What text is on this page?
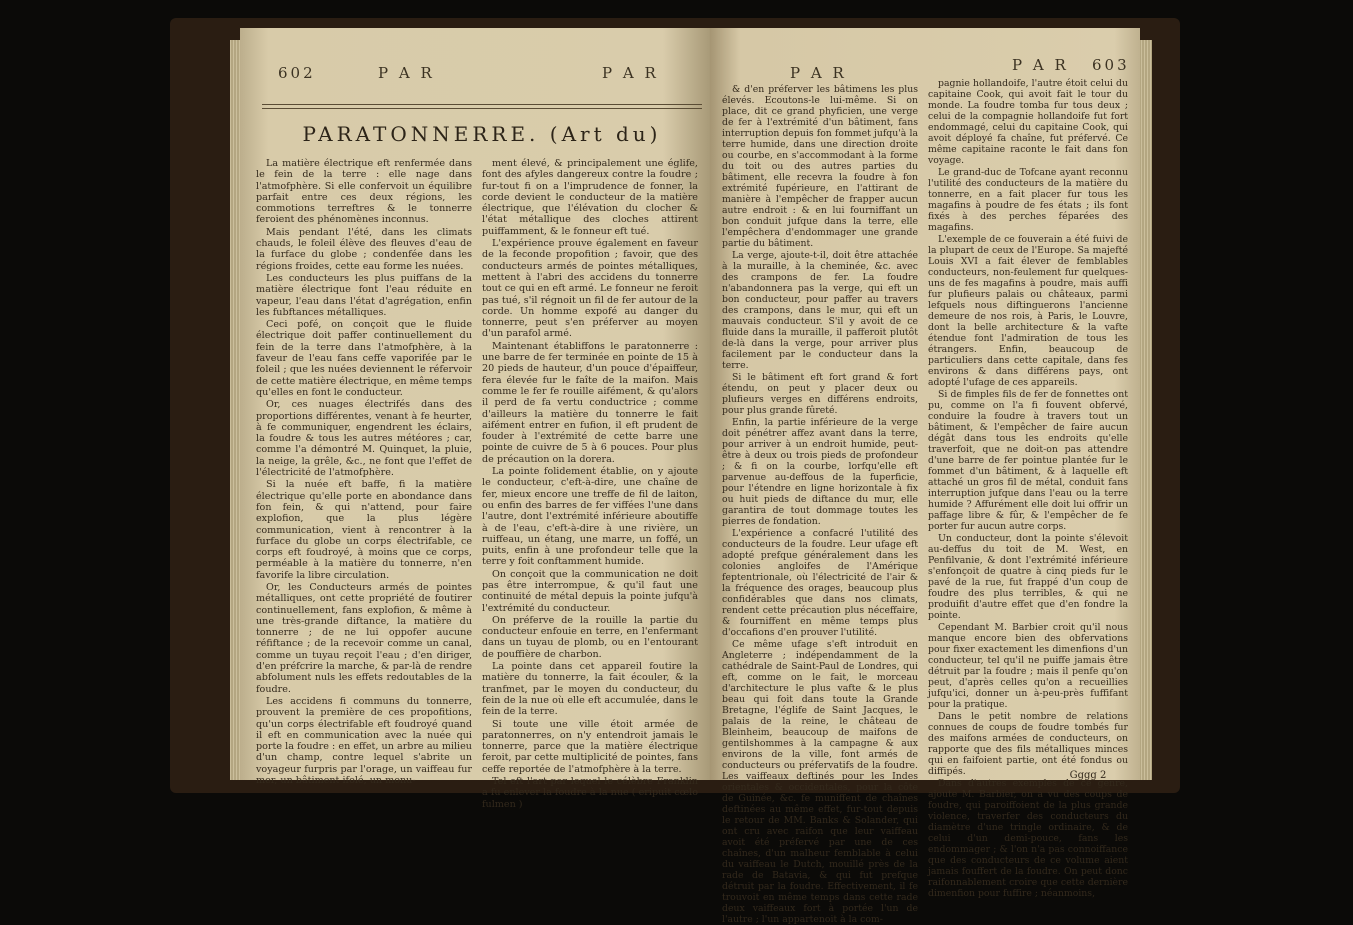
602	P A R	P A R
PARATONNERRE. (Art du)

La matière électrique eft renfermée dans le fein de la terre : elle nage dans l'atmofphère. Si elle confervoit un équilibre parfait entre ces deux régions, les commotions terreftres & le tonnerre feroient des phénomènes inconnus.

Mais pendant l'été, dans les climats chauds, le foleil élève des fleuves d'eau de la furface du globe ; condenfée dans les régions froides, cette eau forme les nuées.

Les conducteurs les plus puiffans de la matière électrique font l'eau réduite en vapeur, l'eau dans l'état d'agrégation, enfin les fubftances métalliques.

Ceci pofé, on conçoit que le fluide électrique doit paffer continuellement du fein de la terre dans l'atmofphère, à la faveur de l'eau fans ceffe vaporifée par le foleil ; que les nuées deviennent le réfervoir de cette matière électrique, en même temps qu'elles en font le conducteur.

Or, ces nuages électrifés dans des proportions différentes, venant à fe heurter, à fe communiquer, engendrent les éclairs, la foudre & tous les autres météores ; car, comme l'a démontré M. Quinquet, la pluie, la neige, la grêle, &c., ne font que l'effet de l'électricité de l'atmofphère.

Si la nuée eft baffe, fi la matière électrique qu'elle porte en abondance dans fon fein, & qui n'attend, pour faire explofion, que la plus légère communication, vient à rencontrer à la furface du globe un corps électrifable, ce corps eft foudroyé, à moins que ce corps, perméable à la matière du tonnerre, n'en favorife la libre circulation.

Or, les Conducteurs armés de pointes métalliques, ont cette propriété de foutirer continuellement, fans explofion, & même à une très-grande diftance, la matière du tonnerre ; de ne lui oppofer aucune réfiftance ; de la recevoir comme un canal, comme un tuyau reçoit l'eau ; d'en diriger, d'en préfcrire la marche, & par-là de rendre abfolument nuls les effets redoutables de la foudre.

Les accidens fi communs du tonnerre, prouvent la première de ces propofitions, qu'un corps électrifable eft foudroyé quand il eft en communication avec la nuée qui porte la foudre : en effet, un arbre au milieu d'un champ, contre lequel s'abrite un voyageur furpris par l'orage, un vaiffeau fur mer, un bâtiment ifolé, un monu-

ment élevé, & principalement une églife, font des afyles dangereux contre la foudre ; fur-tout fi on a l'imprudence de fonner, la corde devient le conducteur de la matière électrique, que l'élévation du clocher & l'état métallique des cloches attirent puiffamment, & le fonneur eft tué.

L'expérience prouve également en faveur de la feconde propofition ; favoir, que des conducteurs armés de pointes métalliques, mettent à l'abri des accidens du tonnerre tout ce qui en eft armé. Le fonneur ne feroit pas tué, s'il régnoit un fil de fer autour de la corde. Un homme expofé au danger du tonnerre, peut s'en préferver au moyen d'un parafol armé.

Maintenant établiffons le paratonnerre : une barre de fer terminée en pointe de 15 à 20 pieds de hauteur, d'un pouce d'épaiffeur, fera élevée fur le faîte de la maifon. Mais comme le fer fe rouille aifément, & qu'alors il perd de fa vertu conductrice ; comme d'ailleurs la matière du tonnerre le fait aifément entrer en fufion, il eft prudent de fouder à l'extrémité de cette barre une pointe de cuivre de 5 à 6 pouces. Pour plus de précaution on la dorera.

La pointe folidement établie, on y ajoute le conducteur, c'eft-à-dire, une chaîne de fer, mieux encore une treffe de fil de laiton, ou enfin des barres de fer viffées l'une dans l'autre, dont l'extrémité inférieure aboutiffe à de l'eau, c'eft-à-dire à une rivière, un ruiffeau, un étang, une marre, un foffé, un puits, enfin à une profondeur telle que la terre y foit conftamment humide.

On conçoit que la communication ne doit pas être interrompue, & qu'il faut une continuité de métal depuis la pointe jufqu'à l'extrémité du conducteur.

On préferve de la rouille la partie du conducteur enfouie en terre, en l'enfermant dans un tuyau de plomb, ou en l'entourant de pouffière de charbon.

La pointe dans cet appareil foutire la matière du tonnerre, la fait écouler, & la tranfmet, par le moyen du conducteur, du fein de la nue où elle eft accumulée, dans le fein de la terre.

Si toute une ville étoit armée de paratonnerres, on n'y entendroit jamais le tonnerre, parce que la matière électrique feroit, par cette multiplicité de pointes, fans ceffe reportée de l'atmofphère à la terre.

Tel eft l'art par lequel le célèbre Franklin a fu enlever la foudre à la nue ( eripuit cœlo fulmen )

P A R	P A R 603

& d'en préferver les bâtimens les plus élevés. Ecoutons-le lui-même. Si on place, dit ce grand phyficien, une verge de fer à l'extrémité d'un bâtiment, fans interruption depuis fon fommet jufqu'à la terre humide, dans une direction droite ou courbe, en s'accommodant à la forme du toit ou des autres parties du bâtiment, elle recevra la foudre à fon extrémité fupérieure, en l'attirant de manière à l'empêcher de frapper aucun autre endroit : & en lui fourniffant un bon conduit jufque dans la terre, elle l'empêchera d'endommager une grande partie du bâtiment.

La verge, ajoute-t-il, doit être attachée à la muraille, à la cheminée, &c. avec des crampons de fer. La foudre n'abandonnera pas la verge, qui eft un bon conducteur, pour paffer au travers des crampons, dans le mur, qui eft un mauvais conducteur. S'il y avoit de ce fluide dans la muraille, il pafferoit plutôt de-là dans la verge, pour arriver plus facilement par le conducteur dans la terre.

Si le bâtiment eft fort grand & fort étendu, on peut y placer deux ou plufieurs verges en différens endroits, pour plus grande fûreté.

Enfin, la partie inférieure de la verge doit pénétrer affez avant dans la terre, pour arriver à un endroit humide, peut-être à deux ou trois pieds de profondeur ; & fi on la courbe, lorfqu'elle eft parvenue au-deffous de la fuperficie, pour l'étendre en ligne horizontale à fix ou huit pieds de diftance du mur, elle garantira de tout dommage toutes les pierres de fondation.

L'expérience a confacré l'utilité des conducteurs de la foudre. Leur ufage eft adopté prefque généralement dans les colonies angloifes de l'Amérique feptentrionale, où l'électricité de l'air & la fréquence des orages, beaucoup plus confidérables que dans nos climats, rendent cette précaution plus néceffaire, & fourniffent en même temps plus d'occafions d'en prouver l'utilité.

Ce même ufage s'eft introduit en Angleterre ; indépendamment de la cathédrale de Saint-Paul de Londres, qui eft, comme on le fait, le morceau d'architecture le plus vafte & le plus beau qui foit dans toute la Grande Bretagne, l'églife de Saint Jacques, le palais de la reine, le château de Bleinheim, beaucoup de maifons de gentilshommes à la campagne & aux environs de la ville, font armés de conducteurs ou préfervatifs de la foudre. Les vaiffeaux deftinés pour les Indes orientales & occidentales, pour la côte de Guinée, &c. fe muniffent de chaînes deftinées au même effet, fur-tout depuis le retour de MM. Banks & Solander, qui ont cru avec raifon que leur vaiffeau avoit été préfervé par une de ces chaînes, d'un malheur femblable à celui du vaiffeau le Dutch, mouillé près de la rade de Batavia, & qui fut prefque détruit par la foudre. Effectivement, il fe trouvoit en même temps dans cette rade deux vaiffeaux fort à portée l'un de l'autre ; l'un appartenoit à la com-

pagnie hollandoife, l'autre étoit celui du capitaine Cook, qui avoit fait le tour du monde. La foudre tomba fur tous deux ; celui de la compagnie hollandoife fut fort endommagé, celui du capitaine Cook, qui avoit déployé fa chaîne, fut préfervé. Ce même capitaine raconte le fait dans fon voyage.

Le grand-duc de Tofcane ayant reconnu l'utilité des conducteurs de la matière du tonnerre, en a fait placer fur tous les magafins à poudre de fes états ; ils font fixés à des perches féparées des magafins.

L'exemple de ce fouverain a été fuivi de la plupart de ceux de l'Europe. Sa majefté Louis XVI a fait élever de femblables conducteurs, non-feulement fur quelques-uns de fes magafins à poudre, mais auffi fur plufieurs palais ou châteaux, parmi lefquels nous diftinguerons l'ancienne demeure de nos rois, à Paris, le Louvre, dont la belle architecture & la vafte étendue font l'admiration de tous les étrangers. Enfin, beaucoup de particuliers dans cette capitale, dans fes environs & dans différens pays, ont adopté l'ufage de ces appareils.

Si de fimples fils de fer de fonnettes ont pu, comme on l'a fi fouvent obfervé, conduire la foudre à travers tout un bâtiment, & l'empêcher de faire aucun dégât dans tous les endroits qu'elle traverfoit, que ne doit-on pas attendre d'une barre de fer pointue plantée fur le fommet d'un bâtiment, & à laquelle eft attaché un gros fil de métal, conduit fans interruption jufque dans l'eau ou la terre humide ? Affurément elle doit lui offrir un paffage libre & fûr, & l'empêcher de fe porter fur aucun autre corps.

Un conducteur, dont la pointe s'élevoit au-deffus du toit de M. West, en Penfilvanie, & dont l'extrémité inférieure s'enfonçoit de quatre à cinq pieds fur le pavé de la rue, fut frappé d'un coup de foudre des plus terribles, & qui ne produifit d'autre effet que d'en fondre la pointe.

Cependant M. Barbier croit qu'il nous manque encore bien des obfervations pour fixer exactement les dimenfions d'un conducteur, tel qu'il ne puiffe jamais être détruit par la foudre ; mais il penfe qu'on peut, d'après celles qu'on a recueillies jufqu'ici, donner un à-peu-près fuffifant pour la pratique.

Dans le petit nombre de relations connues de coups de foudre tombés fur des maifons armées de conducteurs, on rapporte que des fils métalliques minces qui en faifoient partie, ont été fondus ou diffipés.

Dans d'autres exemples de ce genre, ajoute M. Barbier, on a vu des coups de foudre, qui paroiffoient de la plus grande violence, traverfer des conducteurs du diamètre d'une tringle ordinaire, & de celui d'un demi-pouce, fans les endommager ; & l'on n'a pas connoiffance que des conducteurs de ce volume aient jamais fouffert de la foudre. On peut donc raifonnablement croire que cette dernière dimenfion pour fuffire ; néanmoins,

Gggg 2
